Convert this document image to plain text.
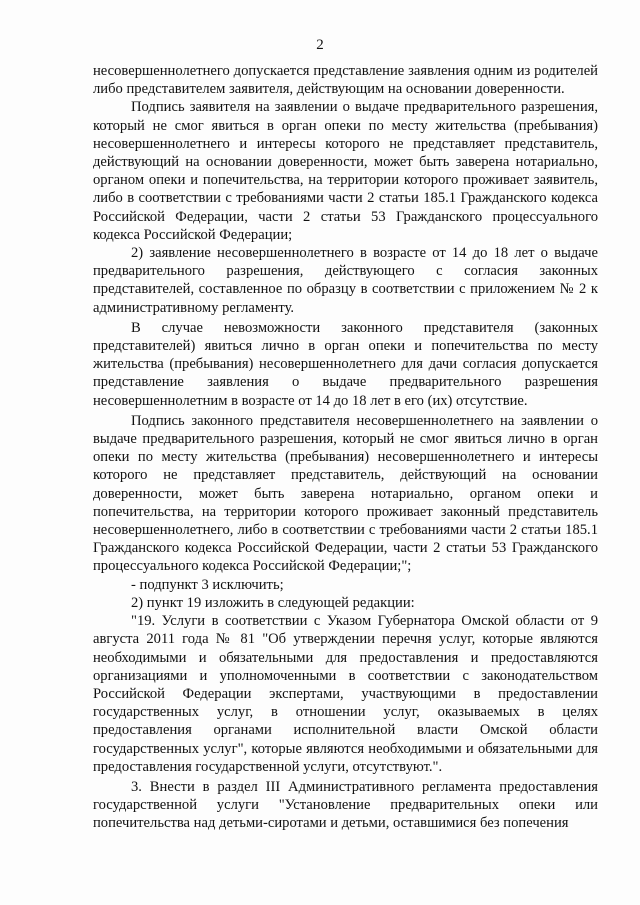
2

несовершеннолетнего допускается представление заявления одним из родителей либо представителем заявителя, действующим на основании доверенности.

Подпись заявителя на заявлении о выдаче предварительного разрешения, который не смог явиться в орган опеки по месту жительства (пребывания) несовершеннолетнего и интересы которого не представляет представитель, действующий на основании доверенности, может быть заверена нотариально, органом опеки и попечительства, на территории которого проживает заявитель, либо в соответствии с требованиями части 2 статьи 185.1 Гражданского кодекса Российской Федерации, части 2 статьи 53 Гражданского процессуального кодекса Российской Федерации;

2) заявление несовершеннолетнего в возрасте от 14 до 18 лет о выдаче предварительного разрешения, действующего с согласия законных представителей, составленное по образцу в соответствии с приложением № 2 к административному регламенту.

В случае невозможности законного представителя (законных представителей) явиться лично в орган опеки и попечительства по месту жительства (пребывания) несовершеннолетнего для дачи согласия допускается представление заявления о выдаче предварительного разрешения несовершеннолетним в возрасте от 14 до 18 лет в его (их) отсутствие.

Подпись законного представителя несовершеннолетнего на заявлении о выдаче предварительного разрешения, который не смог явиться лично в орган опеки по месту жительства (пребывания) несовершеннолетнего и интересы которого не представляет представитель, действующий на основании доверенности, может быть заверена нотариально, органом опеки и попечительства, на территории которого проживает законный представитель несовершеннолетнего, либо в соответствии с требованиями части 2 статьи 185.1 Гражданского кодекса Российской Федерации, части 2 статьи 53 Гражданского процессуального кодекса Российской Федерации;";

- подпункт 3 исключить;

2) пункт 19 изложить в следующей редакции:

"19. Услуги в соответствии с Указом Губернатора Омской области от 9 августа 2011 года № 81 "Об утверждении перечня услуг, которые являются необходимыми и обязательными для предоставления и предоставляются организациями и уполномоченными в соответствии с законодательством Российской Федерации экспертами, участвующими в предоставлении государственных услуг, в отношении услуг, оказываемых в целях предоставления органами исполнительной власти Омской области государственных услуг", которые являются необходимыми и обязательными для предоставления государственной услуги, отсутствуют.".

3. Внести в раздел III Административного регламента предоставления государственной услуги "Установление предварительных опеки или попечительства над детьми-сиротами и детьми, оставшимися без попечения
